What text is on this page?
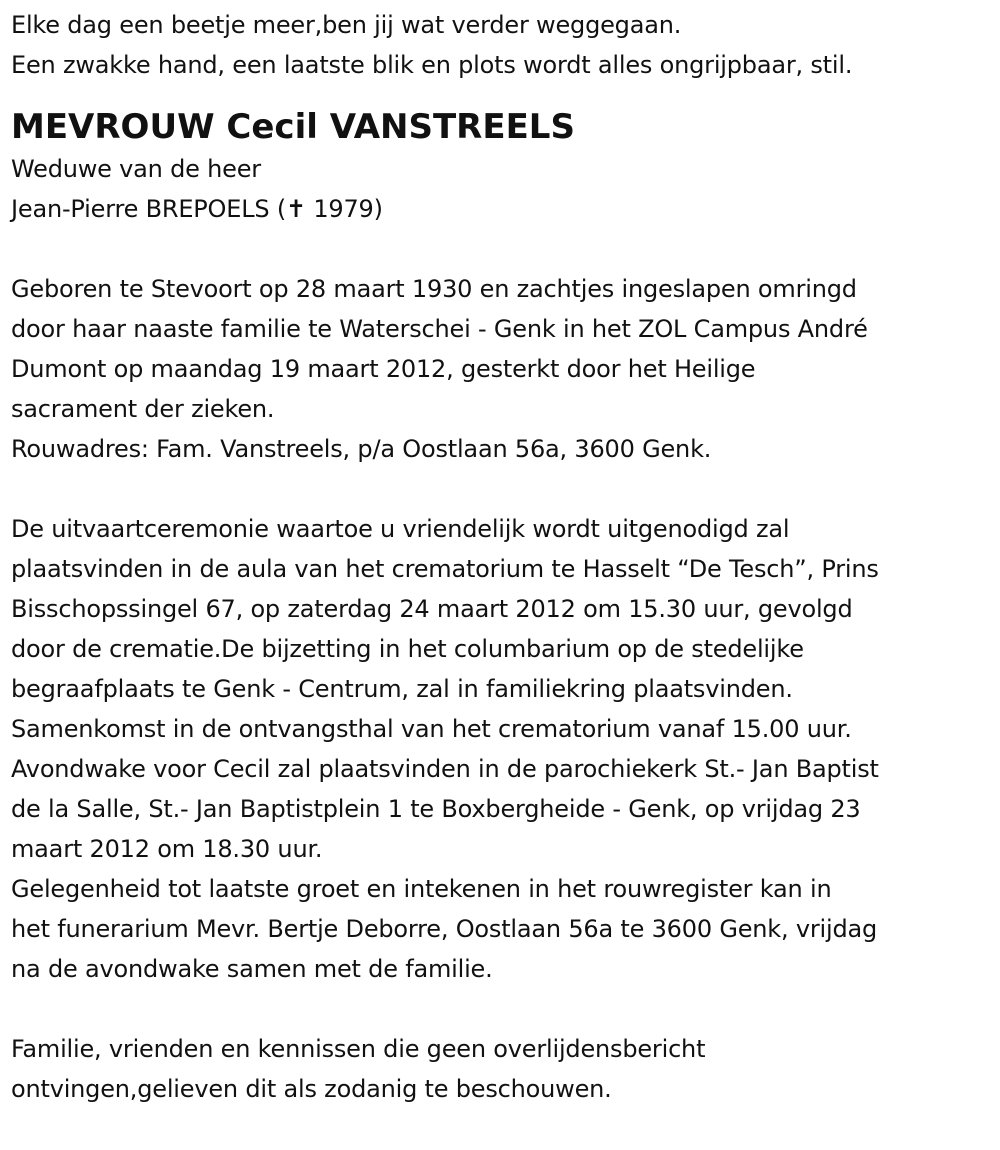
Elke dag een beetje meer,ben jij wat verder weggegaan.
Een zwakke hand, een laatste blik en plots wordt alles ongrijpbaar, stil.
MEVROUW Cecil VANSTREELS
Weduwe van de heer
Jean-Pierre BREPOELS (✝ 1979)
Geboren te Stevoort op 28 maart 1930 en zachtjes ingeslapen omringd
door haar naaste familie te Waterschei - Genk in het ZOL Campus André
Dumont op maandag 19 maart 2012, gesterkt door het Heilige
sacrament der zieken.
Rouwadres: Fam. Vanstreels, p/a Oostlaan 56a, 3600 Genk.
De uitvaartceremonie waartoe u vriendelijk wordt uitgenodigd zal
plaatsvinden in de aula van het crematorium te Hasselt “De Tesch”, Prins
Bisschopssingel 67, op zaterdag 24 maart 2012 om 15.30 uur, gevolgd
door de crematie.De bijzetting in het columbarium op de stedelijke
begraafplaats te Genk - Centrum, zal in familiekring plaatsvinden.
Samenkomst in de ontvangsthal van het crematorium vanaf 15.00 uur.
Avondwake voor Cecil zal plaatsvinden in de parochiekerk St.- Jan Baptist
de la Salle, St.- Jan Baptistplein 1 te Boxbergheide - Genk, op vrijdag 23
maart 2012 om 18.30 uur.
Gelegenheid tot laatste groet en intekenen in het rouwregister kan in
het funerarium Mevr. Bertje Deborre, Oostlaan 56a te 3600 Genk, vrijdag
na de avondwake samen met de familie.
Familie, vrienden en kennissen die geen overlijdensbericht
ontvingen,gelieven dit als zodanig te beschouwen.
